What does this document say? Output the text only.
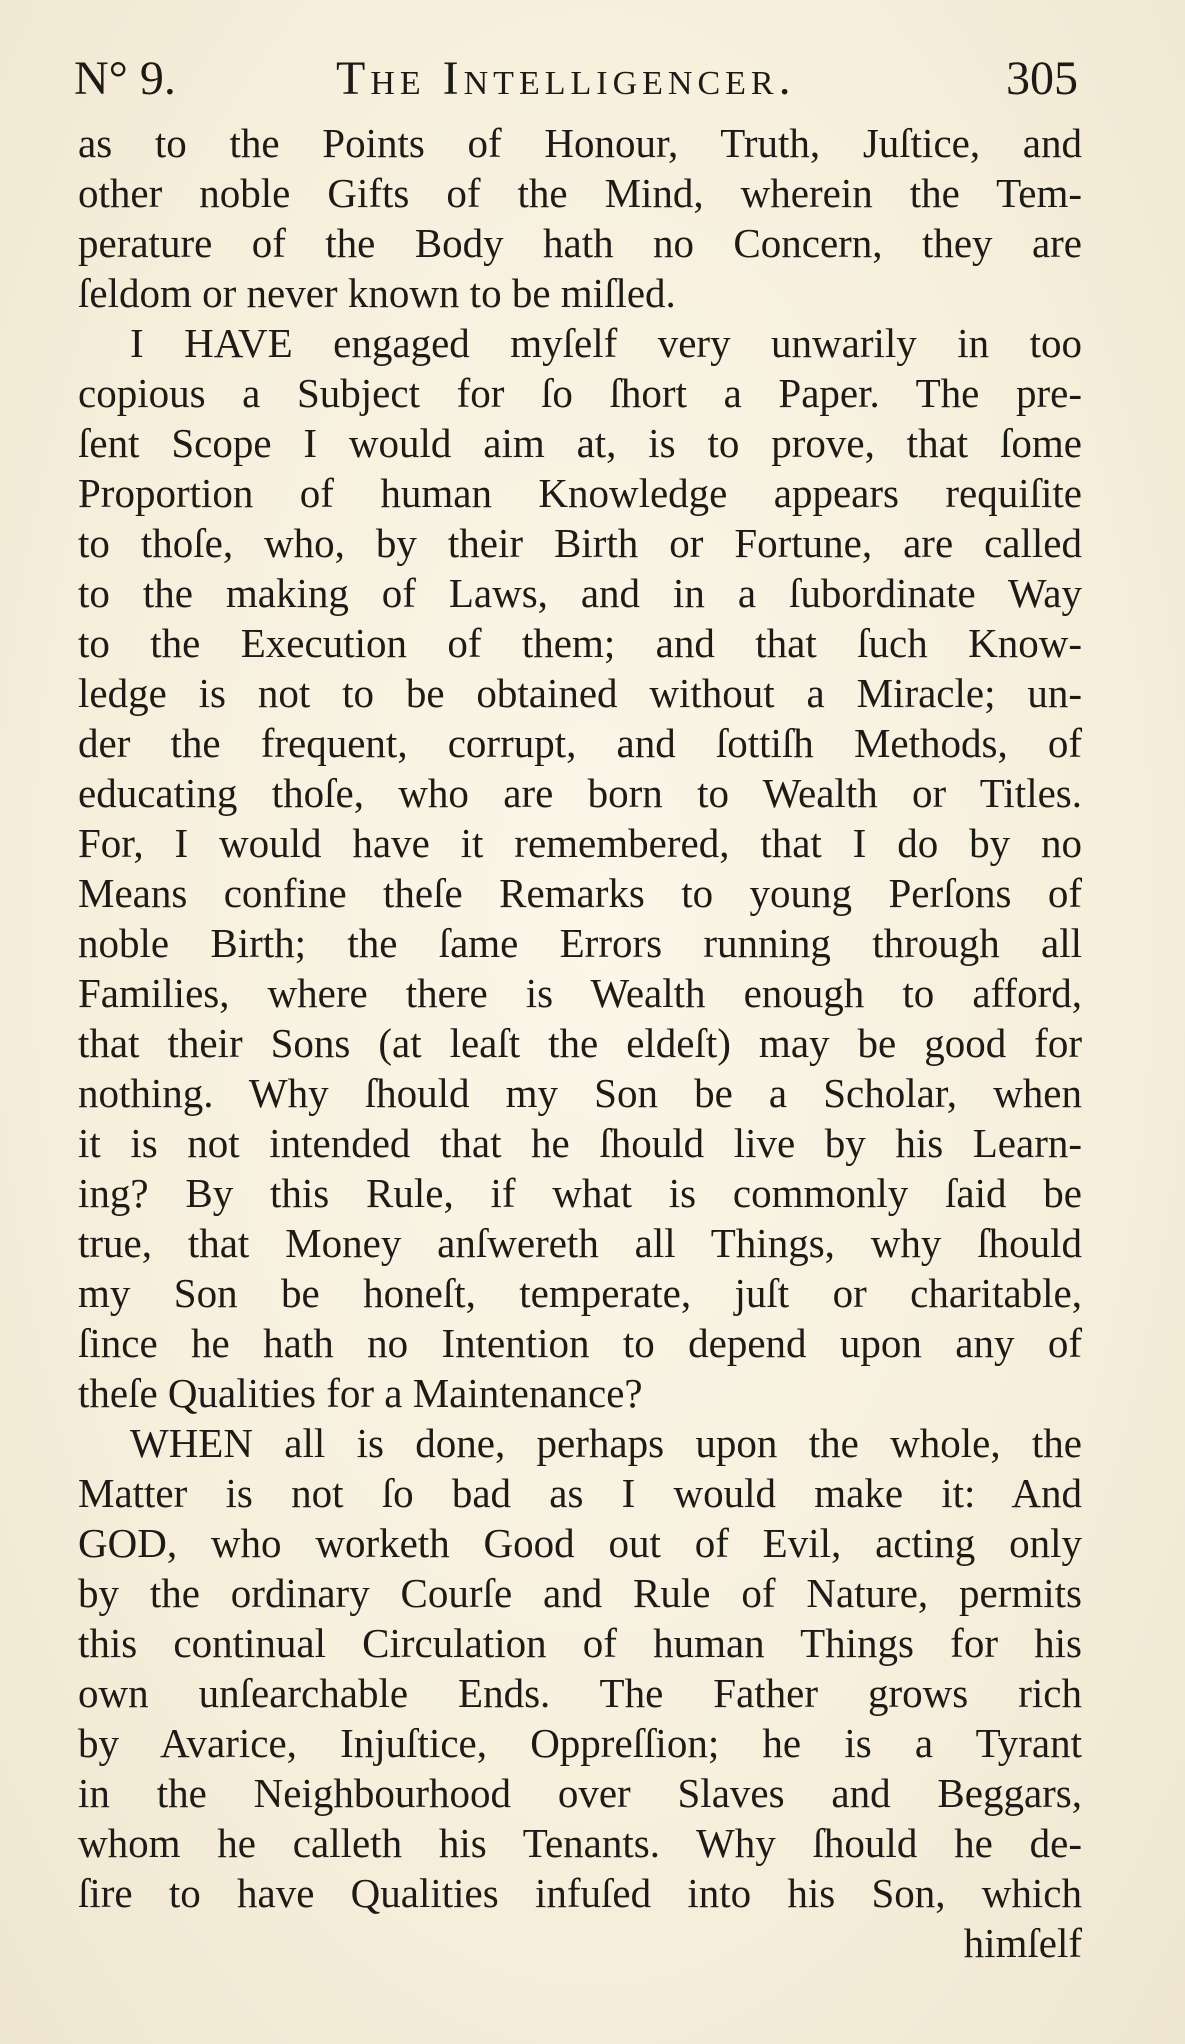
N° 9.	The Intelligencer.	305
as to the Points of Honour, Truth, Juſtice, and
other noble Gifts of the Mind, wherein the Tem-
perature of the Body hath no Concern, they are
ſeldom or never known to be miſled.
I HAVE engaged myſelf very unwarily in too
copious a Subject for ſo ſhort a Paper. The pre-
ſent Scope I would aim at, is to prove, that ſome
Proportion of human Knowledge appears requiſite
to thoſe, who, by their Birth or Fortune, are called
to the making of Laws, and in a ſubordinate Way
to the Execution of them; and that ſuch Know-
ledge is not to be obtained without a Miracle; un-
der the frequent, corrupt, and ſottiſh Methods, of
educating thoſe, who are born to Wealth or Titles.
For, I would have it remembered, that I do by no
Means confine theſe Remarks to young Perſons of
noble Birth; the ſame Errors running through all
Families, where there is Wealth enough to afford,
that their Sons (at leaſt the eldeſt) may be good for
nothing. Why ſhould my Son be a Scholar, when
it is not intended that he ſhould live by his Learn-
ing? By this Rule, if what is commonly ſaid be
true, that Money anſwereth all Things, why ſhould
my Son be honeſt, temperate, juſt or charitable,
ſince he hath no Intention to depend upon any of
theſe Qualities for a Maintenance?
WHEN all is done, perhaps upon the whole, the
Matter is not ſo bad as I would make it: And
GOD, who worketh Good out of Evil, acting only
by the ordinary Courſe and Rule of Nature, permits
this continual Circulation of human Things for his
own unſearchable Ends. The Father grows rich
by Avarice, Injuſtice, Oppreſſion; he is a Tyrant
in the Neighbourhood over Slaves and Beggars,
whom he calleth his Tenants. Why ſhould he de-
ſire to have Qualities infuſed into his Son, which
himſelf
